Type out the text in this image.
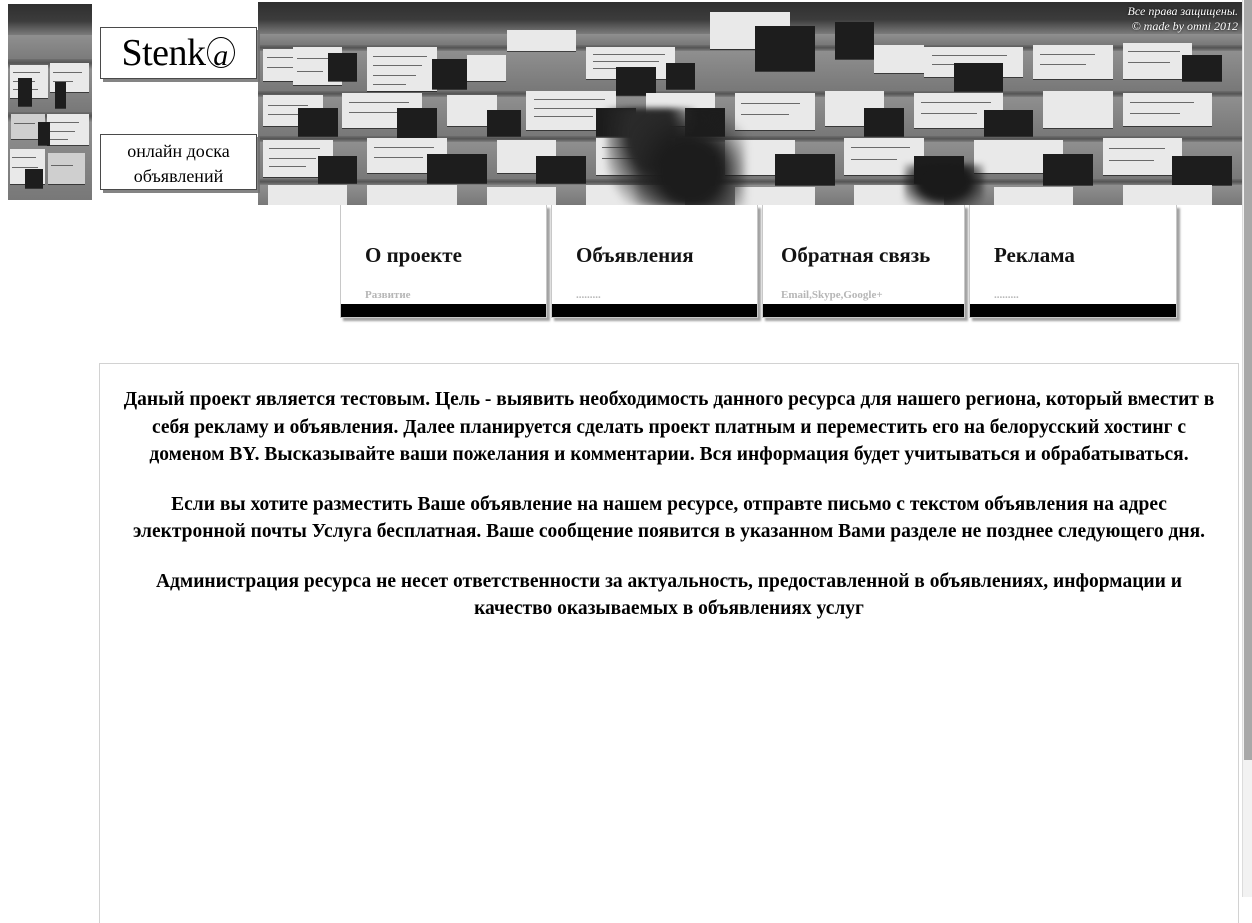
Все права защищены.
© made by omni 2012
Stenk a
онлайн доска
объявлений
О проекте
Развитие
Объявления
.........
Обратная связь
Email,Skype,Google+
Реклама
.........

Даный проект является тестовым. Цель - выявить необходимость данного ресурса для нашего региона, который вместит в себя рекламу и объявления. Далее планируется сделать проект платным и переместить его на белорусский хостинг с доменом BY. Высказывайте ваши пожелания и комментарии. Вся информация будет учитываться и обрабатываться.

Если вы хотите разместить Ваше объявление на нашем ресурсе, отправте письмо с текстом объявления на адрес электронной почты Услуга бесплатная. Ваше сообщение появится в указанном Вами разделе не позднее следующего дня.

Администрация ресурса не несет ответственности за актуальность, предоставленной в объявлениях, информации и качество оказываемых в объявлениях услуг
